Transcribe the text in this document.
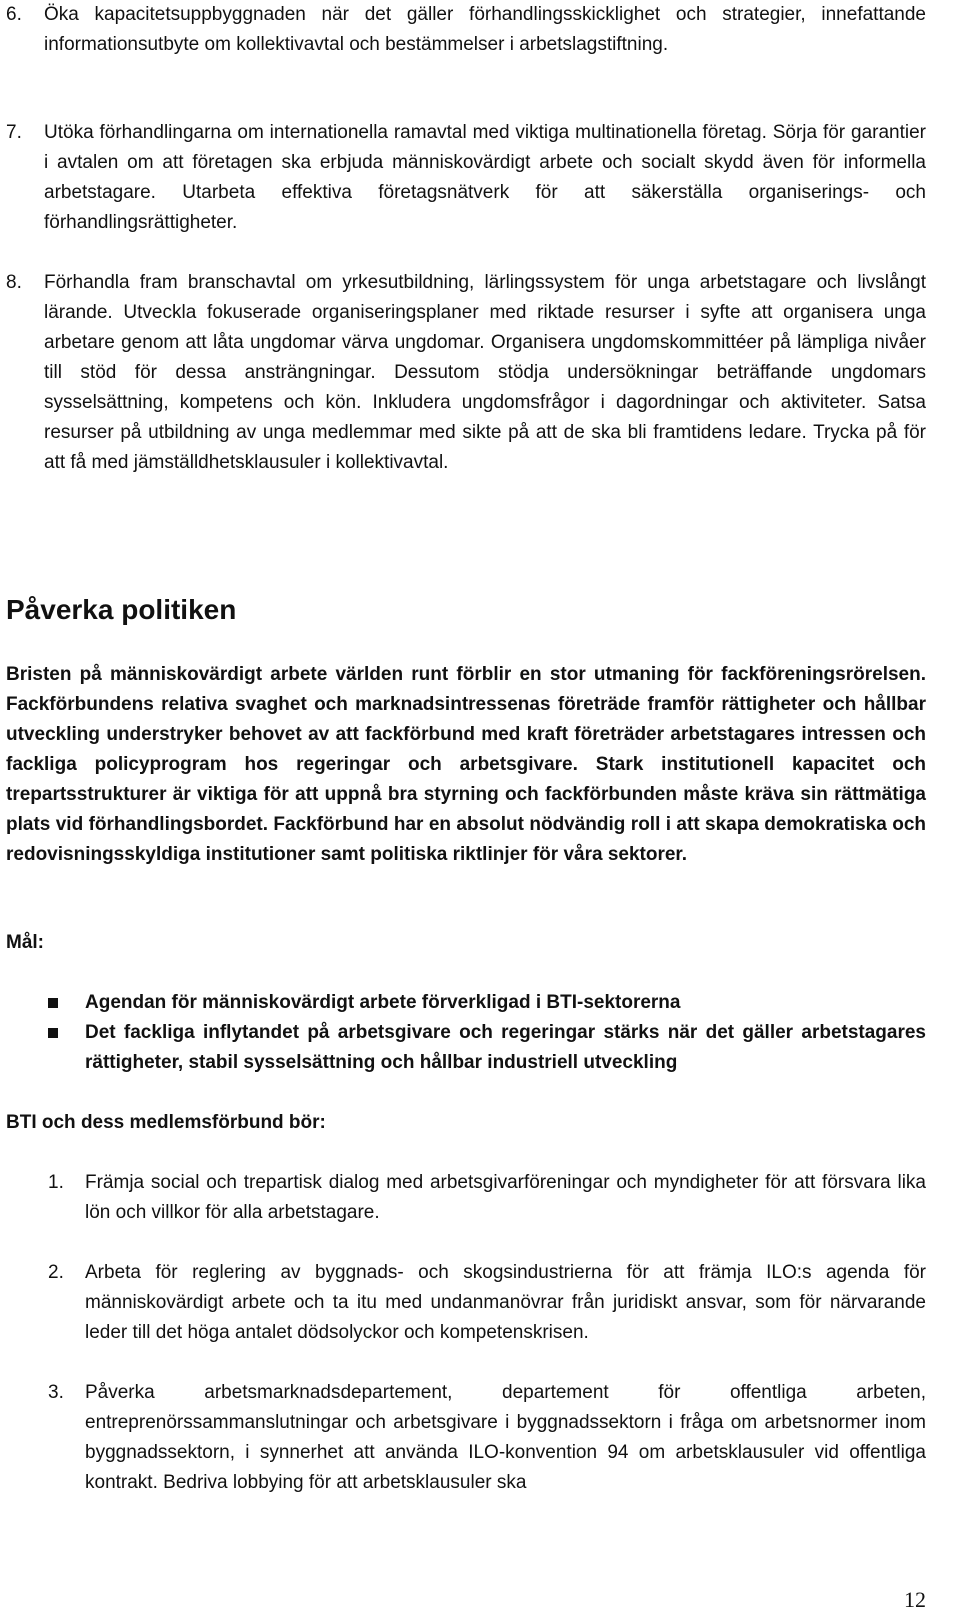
6. Öka kapacitetsuppbyggnaden när det gäller förhandlingsskicklighet och strategier, innefattande informationsutbyte om kollektivavtal och bestämmelser i arbetslagstiftning.
7. Utöka förhandlingarna om internationella ramavtal med viktiga multinationella företag. Sörja för garantier i avtalen om att företagen ska erbjuda människovärdigt arbete och socialt skydd även för informella arbetstagare. Utarbeta effektiva företagsnätverk för att säkerställa organiserings- och förhandlingsrättigheter.
8. Förhandla fram branschavtal om yrkesutbildning, lärlingssystem för unga arbetstagare och livslångt lärande. Utveckla fokuserade organiseringsplaner med riktade resurser i syfte att organisera unga arbetare genom att låta ungdomar värva ungdomar. Organisera ungdomskommittéer på lämpliga nivåer till stöd för dessa ansträngningar. Dessutom stödja undersökningar beträffande ungdomars sysselsättning, kompetens och kön. Inkludera ungdomsfrågor i dagordningar och aktiviteter. Satsa resurser på utbildning av unga medlemmar med sikte på att de ska bli framtidens ledare. Trycka på för att få med jämställdhetsklausuler i kollektivavtal.
Påverka politiken
Bristen på människovärdigt arbete världen runt förblir en stor utmaning för fackföreningsrörelsen. Fackförbundens relativa svaghet och marknadsintressenas företräde framför rättigheter och hållbar utveckling understryker behovet av att fackförbund med kraft företräder arbetstagares intressen och fackliga policyprogram hos regeringar och arbetsgivare. Stark institutionell kapacitet och trepartsstrukturer är viktiga för att uppnå bra styrning och fackförbunden måste kräva sin rättmätiga plats vid förhandlingsbordet. Fackförbund har en absolut nödvändig roll i att skapa demokratiska och redovisningsskyldiga institutioner samt politiska riktlinjer för våra sektorer.
Mål:
Agendan för människovärdigt arbete förverkligad i BTI-sektorerna
Det fackliga inflytandet på arbetsgivare och regeringar stärks när det gäller arbetstagares rättigheter, stabil sysselsättning och hållbar industriell utveckling
BTI och dess medlemsförbund bör:
1. Främja social och trepartisk dialog med arbetsgivarföreningar och myndigheter för att försvara lika lön och villkor för alla arbetstagare.
2. Arbeta för reglering av byggnads- och skogsindustrierna för att främja ILO:s agenda för människovärdigt arbete och ta itu med undanmanövrar från juridiskt ansvar, som för närvarande leder till det höga antalet dödsolyckor och kompetenskrisen.
3. Påverka arbetsmarknadsdepartement, departement för offentliga arbeten, entreprenörssammanslutningar och arbetsgivare i byggnadssektorn i fråga om arbetsnormer inom byggnadssektorn, i synnerhet att använda ILO-konvention 94 om arbetsklausuler vid offentliga kontrakt. Bedriva lobbying för att arbetsklausuler ska
12
